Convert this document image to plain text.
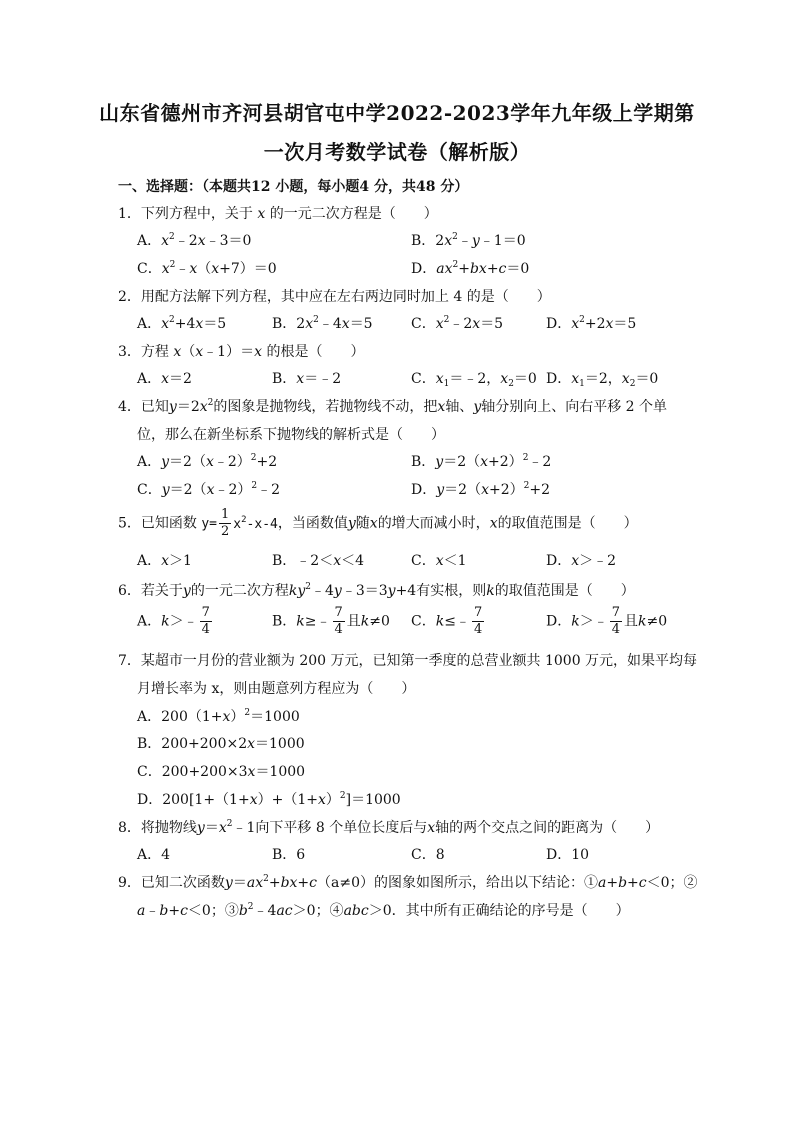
山东省德州市齐河县胡官屯中学2022-2023学年九年级上学期第
一次月考数学试卷（解析版）
一、选择题：（本题共12 小题，每小题4 分，共48 分）
1．下列方程中，关于 x 的一元二次方程是（　　）
A．$x^2﹣2x﹣3=0$	B．$2x^2﹣y﹣1=0$
C．$x^2﹣x(x+7)=0$	D．$ax^2+bx+c=0$
2．用配方法解下列方程，其中应在左右两边同时加上 4 的是（　　）
A．$x^2+4x=5$	B．$2x^2﹣4x=5$	C．$x^2﹣2x=5$	D．$x^2+2x=5$
3．方程 x（x﹣1）＝x 的根是（　　）
A．x＝2	B．x＝﹣2	C．$x_1=﹣2$，$x_2=0$ D．$x_1=2$，$x_2=0$
4．已知$y=2x^2$的图象是抛物线，若抛物线不动，把x轴、y轴分别向上、向右平移 2 个单
位，那么在新坐标系下抛物线的解析式是（　　）
A．y＝2（x﹣2）$^2$+2	B．$y=2(x+2)^2﹣2$
C．y＝2（x﹣2）$^2$﹣2	D．$y=2(x+2)^2+2$
5．已知函数 $y= \frac{1}{2} x^2-x-4$，当函数值y随x的增大而减小时，x的取值范围是（　　）
A．x＞1	B．﹣2＜x＜4	C．x＜1	D．x＞﹣2
6．若关于y的一元二次方程$ky^2﹣4y﹣3=3y+4$有实根，则k的取值范围是（　　）
A．k＞﹣ $\frac{7}{4}$	B．k≥﹣ $\frac{7}{4}$ 且k≠0 C．k≤﹣ $\frac{7}{4}$	D．k＞﹣ $\frac{7}{4}$ 且k≠0
7．某超市一月份的营业额为 200 万元，已知第一季度的总营业额共 1000 万元，如果平均每
月增长率为 x，则由题意列方程应为（　　）
A．$200(1+x)^2=1000$
B．200+200×2x＝1000
C．200+200×3x＝1000
D．$200[1+(1+x)+(1+x)^2]=1000$
8．将抛物线$y=x^2﹣1$向下平移 8 个单位长度后与x轴的两个交点之间的距离为（　　）
A．4	B．6	C．8	D．10
9．已知二次函数$y=ax^2+bx+c(a\ne 0)$的图象如图所示，给出以下结论：①a+b+c＜0；②
a﹣b+c＜0；$③b^2﹣4ac>0$；④abc＞0．其中所有正确结论的序号是（　　）
